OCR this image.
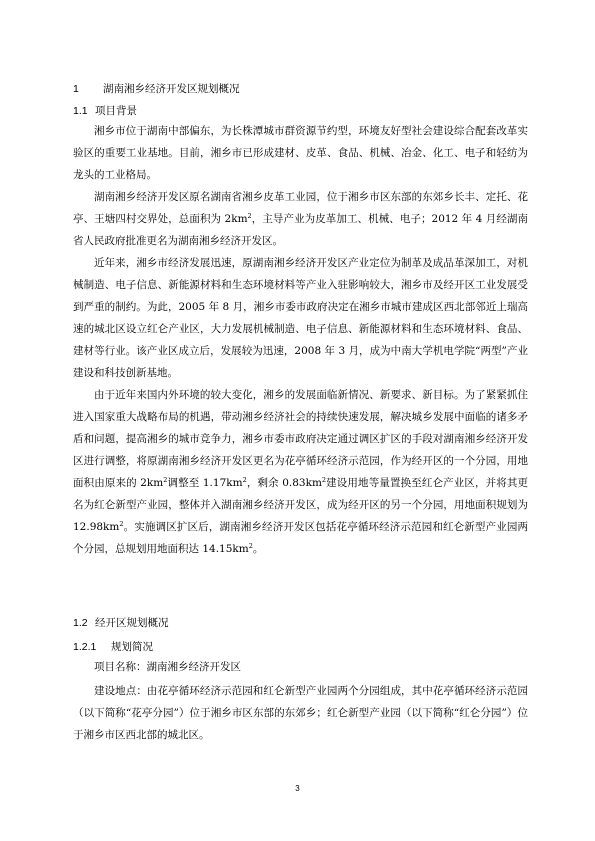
1 湖南湘乡经济开发区规划概况
1.1 项目背景

湘乡市位于湖南中部偏东，为长株潭城市群资源节约型，环境友好型社会建设综合配套改革实验区的重要工业基地。目前，湘乡市已形成建材、皮革、食品、机械、冶金、化工、电子和轻纺为龙头的工业格局。

湖南湘乡经济开发区原名湖南省湘乡皮革工业园，位于湘乡市区东部的东郊乡长丰、定托、花亭、王塘四村交界处，总面积为 $2km^2$，主导产业为皮革加工、机械、电子；2012 年 4 月经湖南省人民政府批准更名为湖南湘乡经济开发区。

近年来，湘乡市经济发展迅速，原湖南湘乡经济开发区产业定位为制革及成品革深加工，对机械制造、电子信息、新能源材料和生态环境材料等产业入驻影响较大，湘乡市及经开区工业发展受到严重的制约。为此，2005 年 8 月，湘乡市委市政府决定在湘乡市城市建成区西北部邻近上瑞高速的城北区设立红仑产业区，大力发展机械制造、电子信息、新能源材料和生态环境材料、食品、建材等行业。该产业区成立后，发展较为迅速，2008 年 3 月，成为中南大学机电学院“两型”产业建设和科技创新基地。

由于近年来国内外环境的较大变化，湘乡的发展面临新情况、新要求、新目标。为了紧紧抓住进入国家重大战略布局的机遇，带动湘乡经济社会的持续快速发展，解决城乡发展中面临的诸多矛盾和问题，提高湘乡的城市竞争力，湘乡市委市政府决定通过调区扩区的手段对湖南湘乡经济开发区进行调整，将原湖南湘乡经济开发区更名为花亭循环经济示范园，作为经开区的一个分园，用地面积由原来的 $2km^2$调整至 $1.17km^2$，剩余 $0.83km^2$建设用地等量置换至红仑产业区，并将其更名为红仑新型产业园，整体并入湖南湘乡经济开发区，成为经开区的另一个分园，用地面积规划为 $12.98km^2$。实施调区扩区后，湖南湘乡经济开发区包括花亭循环经济示范园和红仑新型产业园两个分园，总规划用地面积达 $14.15km^2$。

1.2 经开区规划概况
1.2.1 规划简况

项目名称：湖南湘乡经济开发区

建设地点：由花亭循环经济示范园和红仑新型产业园两个分园组成，其中花亭循环经济示范园（以下简称“花亭分园”）位于湘乡市区东部的东郊乡；红仑新型产业园（以下简称“红仑分园”）位于湘乡市区西北部的城北区。

3
